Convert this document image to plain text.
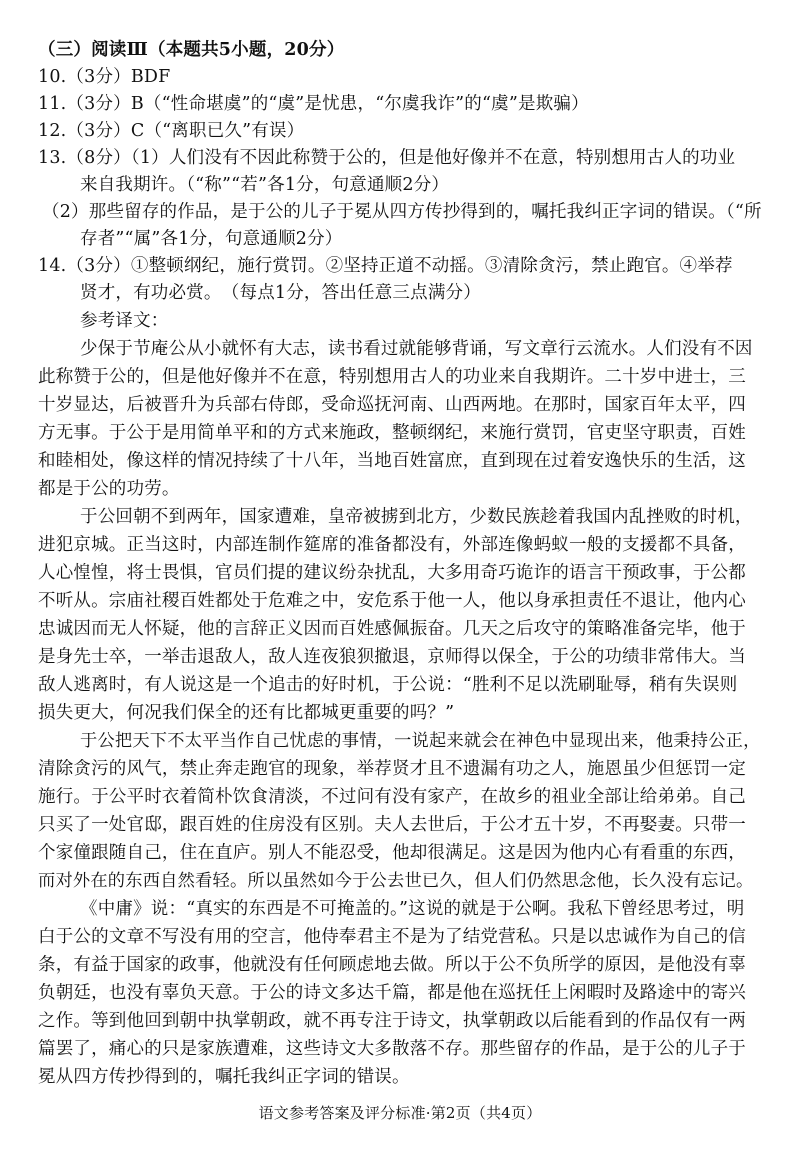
（三）阅读Ⅲ（本题共5小题，20分）
10.（3分）BDF
11.（3分）B（“性命堪虞”的“虞”是忧患，“尔虞我诈”的“虞”是欺骗）
12.（3分）C（“离职已久”有误）
13.（8分）（1）人们没有不因此称赞于公的，但是他好像并不在意，特别想用古人的功业
来自我期许。（“称”“若”各1分，句意通顺2分）
（2）那些留存的作品，是于公的儿子于冕从四方传抄得到的，嘱托我纠正字词的错误。（“所
存者”“属”各1分，句意通顺2分）
14.（3分）①整顿纲纪，施行赏罚。②坚持正道不动摇。③清除贪污，禁止跑官。④举荐
贤才，有功必赏。　（每点1分，答出任意三点满分）
参考译文：
少保于节庵公从小就怀有大志，读书看过就能够背诵，写文章行云流水。人们没有不因
此称赞于公的，但是他好像并不在意，特别想用古人的功业来自我期许。二十岁中进士，三
十岁显达，后被晋升为兵部右侍郎，受命巡抚河南、山西两地。在那时，国家百年太平，四
方无事。于公于是用简单平和的方式来施政，整顿纲纪，来施行赏罚，官吏坚守职责，百姓
和睦相处，像这样的情况持续了十八年，当地百姓富庶，直到现在过着安逸快乐的生活，这
都是于公的功劳。
于公回朝不到两年，国家遭难，皇帝被掳到北方，少数民族趁着我国内乱挫败的时机，
进犯京城。正当这时，内部连制作筵席的准备都没有，外部连像蚂蚁一般的支援都不具备，
人心惶惶，将士畏惧，官员们提的建议纷杂扰乱，大多用奇巧诡诈的语言干预政事，于公都
不听从。宗庙社稷百姓都处于危难之中，安危系于他一人，他以身承担责任不退让，他内心
忠诚因而无人怀疑，他的言辞正义因而百姓感佩振奋。几天之后攻守的策略准备完毕，他于
是身先士卒，一举击退敌人，敌人连夜狼狈撤退，京师得以保全，于公的功绩非常伟大。当
敌人逃离时，有人说这是一个追击的好时机，于公说：“胜利不足以洗刷耻辱，稍有失误则
损失更大，何况我们保全的还有比都城更重要的吗？”
于公把天下不太平当作自己忧虑的事情，一说起来就会在神色中显现出来，他秉持公正，
清除贪污的风气，禁止奔走跑官的现象，举荐贤才且不遗漏有功之人，施恩虽少但惩罚一定
施行。于公平时衣着简朴饮食清淡，不过问有没有家产，在故乡的祖业全部让给弟弟。自己
只买了一处官邸，跟百姓的住房没有区别。夫人去世后，于公才五十岁，不再娶妻。只带一
个家僮跟随自己，住在直庐。别人不能忍受，他却很满足。这是因为他内心有看重的东西，
而对外在的东西自然看轻。所以虽然如今于公去世已久，但人们仍然思念他，长久没有忘记。
《中庸》说：“真实的东西是不可掩盖的。”这说的就是于公啊。我私下曾经思考过，明
白于公的文章不写没有用的空言，他侍奉君主不是为了结党营私。只是以忠诚作为自己的信
条，有益于国家的政事，他就没有任何顾虑地去做。所以于公不负所学的原因，是他没有辜
负朝廷，也没有辜负天意。于公的诗文多达千篇，都是他在巡抚任上闲暇时及路途中的寄兴
之作。等到他回到朝中执掌朝政，就不再专注于诗文，执掌朝政以后能看到的作品仅有一两
篇罢了，痛心的只是家族遭难，这些诗文大多散落不存。那些留存的作品，是于公的儿子于
冕从四方传抄得到的，嘱托我纠正字词的错误。
语文参考答案及评分标准·第2页（共4页）
